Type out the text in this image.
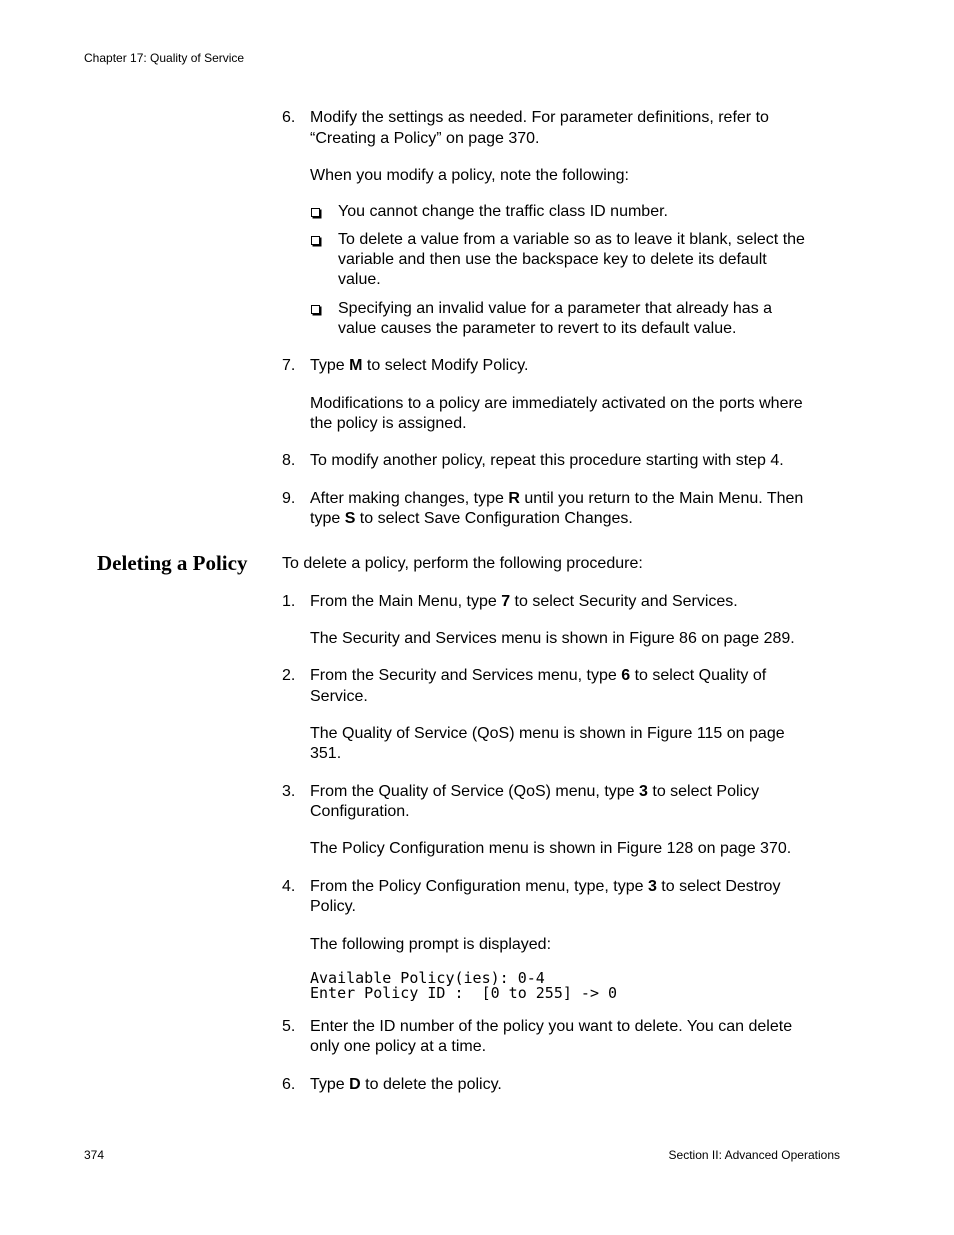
Chapter 17: Quality of Service
6. Modify the settings as needed. For parameter definitions, refer to
“Creating a Policy” on page 370.
When you modify a policy, note the following:
You cannot change the traffic class ID number.
To delete a value from a variable so as to leave it blank, select the
variable and then use the backspace key to delete its default
value.
Specifying an invalid value for a parameter that already has a
value causes the parameter to revert to its default value.
7. Type M to select Modify Policy.
Modifications to a policy are immediately activated on the ports where
the policy is assigned.
8. To modify another policy, repeat this procedure starting with step 4.
9. After making changes, type R until you return to the Main Menu. Then
type S to select Save Configuration Changes.
To delete a policy, perform the following procedure:
1. From the Main Menu, type 7 to select Security and Services.
The Security and Services menu is shown in Figure 86 on page 289.
2. From the Security and Services menu, type 6 to select Quality of
Service.
The Quality of Service (QoS) menu is shown in Figure 115 on page
351.
3. From the Quality of Service (QoS) menu, type 3 to select Policy
Configuration.
The Policy Configuration menu is shown in Figure 128 on page 370.
4. From the Policy Configuration menu, type, type 3 to select Destroy
Policy.
The following prompt is displayed:
Available Policy(ies): 0-4
Enter Policy ID :  [0 to 255] -> 0
5. Enter the ID number of the policy you want to delete. You can delete
only one policy at a time.
6. Type D to delete the policy.
Deleting a Policy
374	Section II: Advanced Operations
